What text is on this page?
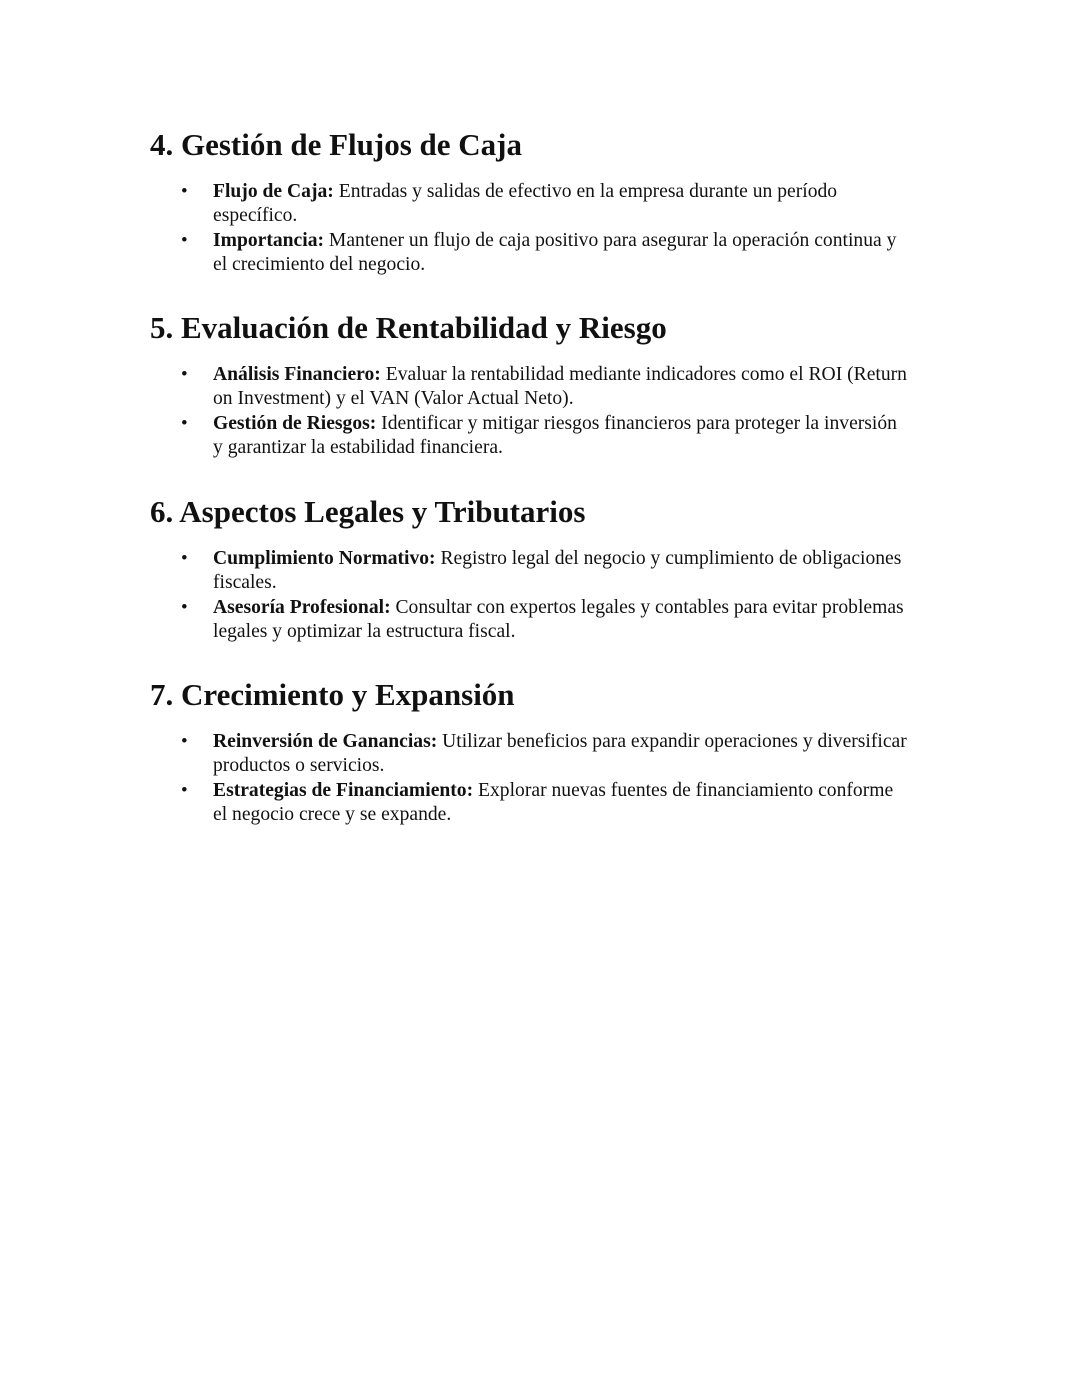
4. Gestión de Flujos de Caja
• Flujo de Caja: Entradas y salidas de efectivo en la empresa durante un período específico.
• Importancia: Mantener un flujo de caja positivo para asegurar la operación continua y el crecimiento del negocio.
5. Evaluación de Rentabilidad y Riesgo
• Análisis Financiero: Evaluar la rentabilidad mediante indicadores como el ROI (Return on Investment) y el VAN (Valor Actual Neto).
• Gestión de Riesgos: Identificar y mitigar riesgos financieros para proteger la inversión y garantizar la estabilidad financiera.
6. Aspectos Legales y Tributarios
• Cumplimiento Normativo: Registro legal del negocio y cumplimiento de obligaciones fiscales.
• Asesoría Profesional: Consultar con expertos legales y contables para evitar problemas legales y optimizar la estructura fiscal.
7. Crecimiento y Expansión
• Reinversión de Ganancias: Utilizar beneficios para expandir operaciones y diversificar productos o servicios.
• Estrategias de Financiamiento: Explorar nuevas fuentes de financiamiento conforme el negocio crece y se expande.
